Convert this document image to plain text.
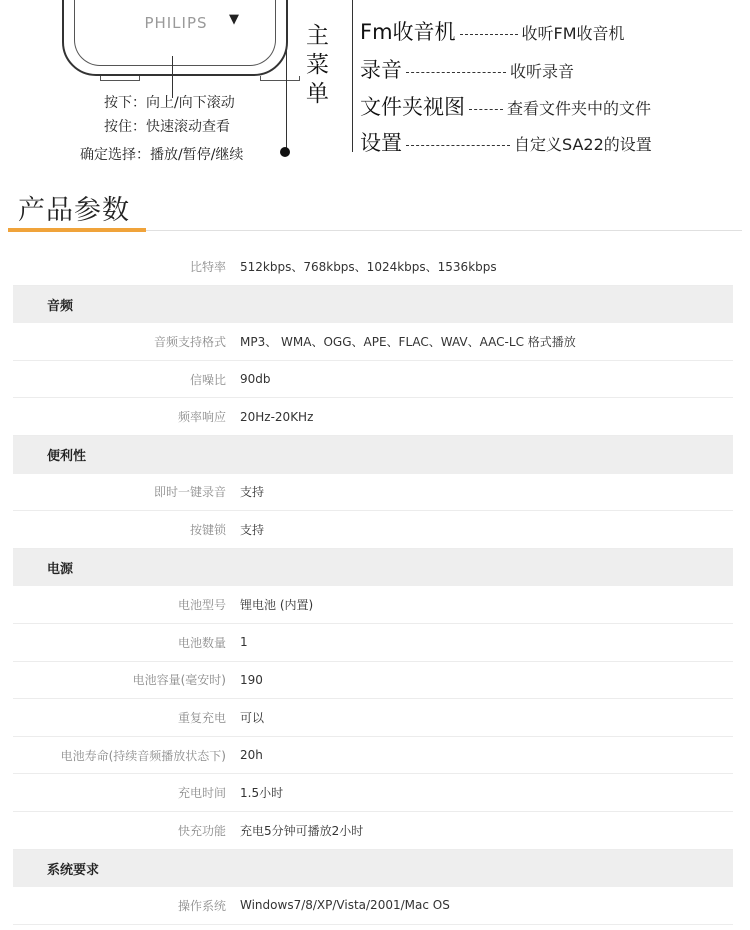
PHILIPS	▼
按下：向上/向下滚动
按住：快速滚动查看
确定选择：播放/暂停/继续
主菜单
Fm收音机	收听FM收音机
录音	收听录音
文件夹视图	查看文件夹中的文件
设置	自定义SA22的设置
产品参数
比特率	512kbps、768kbps、1024kbps、1536kbps
音频
音频支持格式	MP3、 WMA、OGG、APE、FLAC、WAV、AAC-LC 格式播放
信噪比	90db
频率响应	20Hz-20KHz
便利性
即时一键录音	支持
按键锁	支持
电源
电池型号	锂电池 (内置)
电池数量	1
电池容量(毫安时)	190
重复充电	可以
电池寿命(持续音频播放状态下)	20h
充电时间	1.5小时
快充功能	充电5分钟可播放2小时
系统要求
操作系统	Windows7/8/XP/Vista/2001/Mac OS
